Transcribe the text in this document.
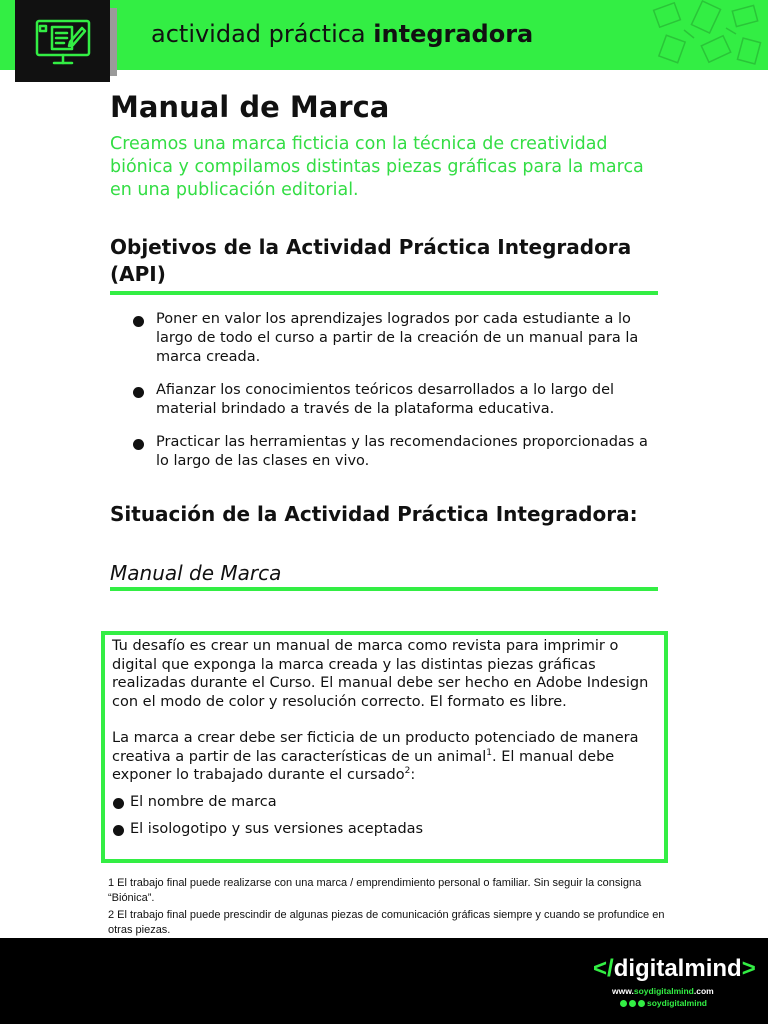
actividad práctica integradora
Manual de Marca

Creamos una marca ficticia con la técnica de creatividad biónica y compilamos distintas piezas gráficas para la marca en una publicación editorial.

Objetivos de la Actividad Práctica Integradora (API)
Poner en valor los aprendizajes logrados por cada estudiante a lo largo de todo el curso a partir de la creación de un manual para la marca creada.
Afianzar los conocimientos teóricos desarrollados a lo largo del material brindado a través de la plataforma educativa.
Practicar las herramientas y las recomendaciones proporcionadas a lo largo de las clases en vivo.
Situación de la Actividad Práctica Integradora:

Manual de Marca

Tu desafío es crear un manual de marca como revista para imprimir o digital que exponga la marca creada y las distintas piezas gráficas realizadas durante el Curso. El manual debe ser hecho en Adobe Indesign con el modo de color y resolución correcto. El formato es libre.

La marca a crear debe ser ficticia de un producto potenciado de manera creativa a partir de las características de un animal$^1$. El manual debe exponer lo trabajado durante el cursado$^2$:

El nombre de marca
El isologotipo y sus versiones aceptadas

1 El trabajo final puede realizarse con una marca / emprendimiento personal o familiar. Sin seguir la consigna “Biónica”.

2 El trabajo final puede prescindir de algunas piezas de comunicación gráficas siempre y cuando se profundice en otras piezas.

</digitalmind>
www.soydigitalmind.com
soydigitalmind
